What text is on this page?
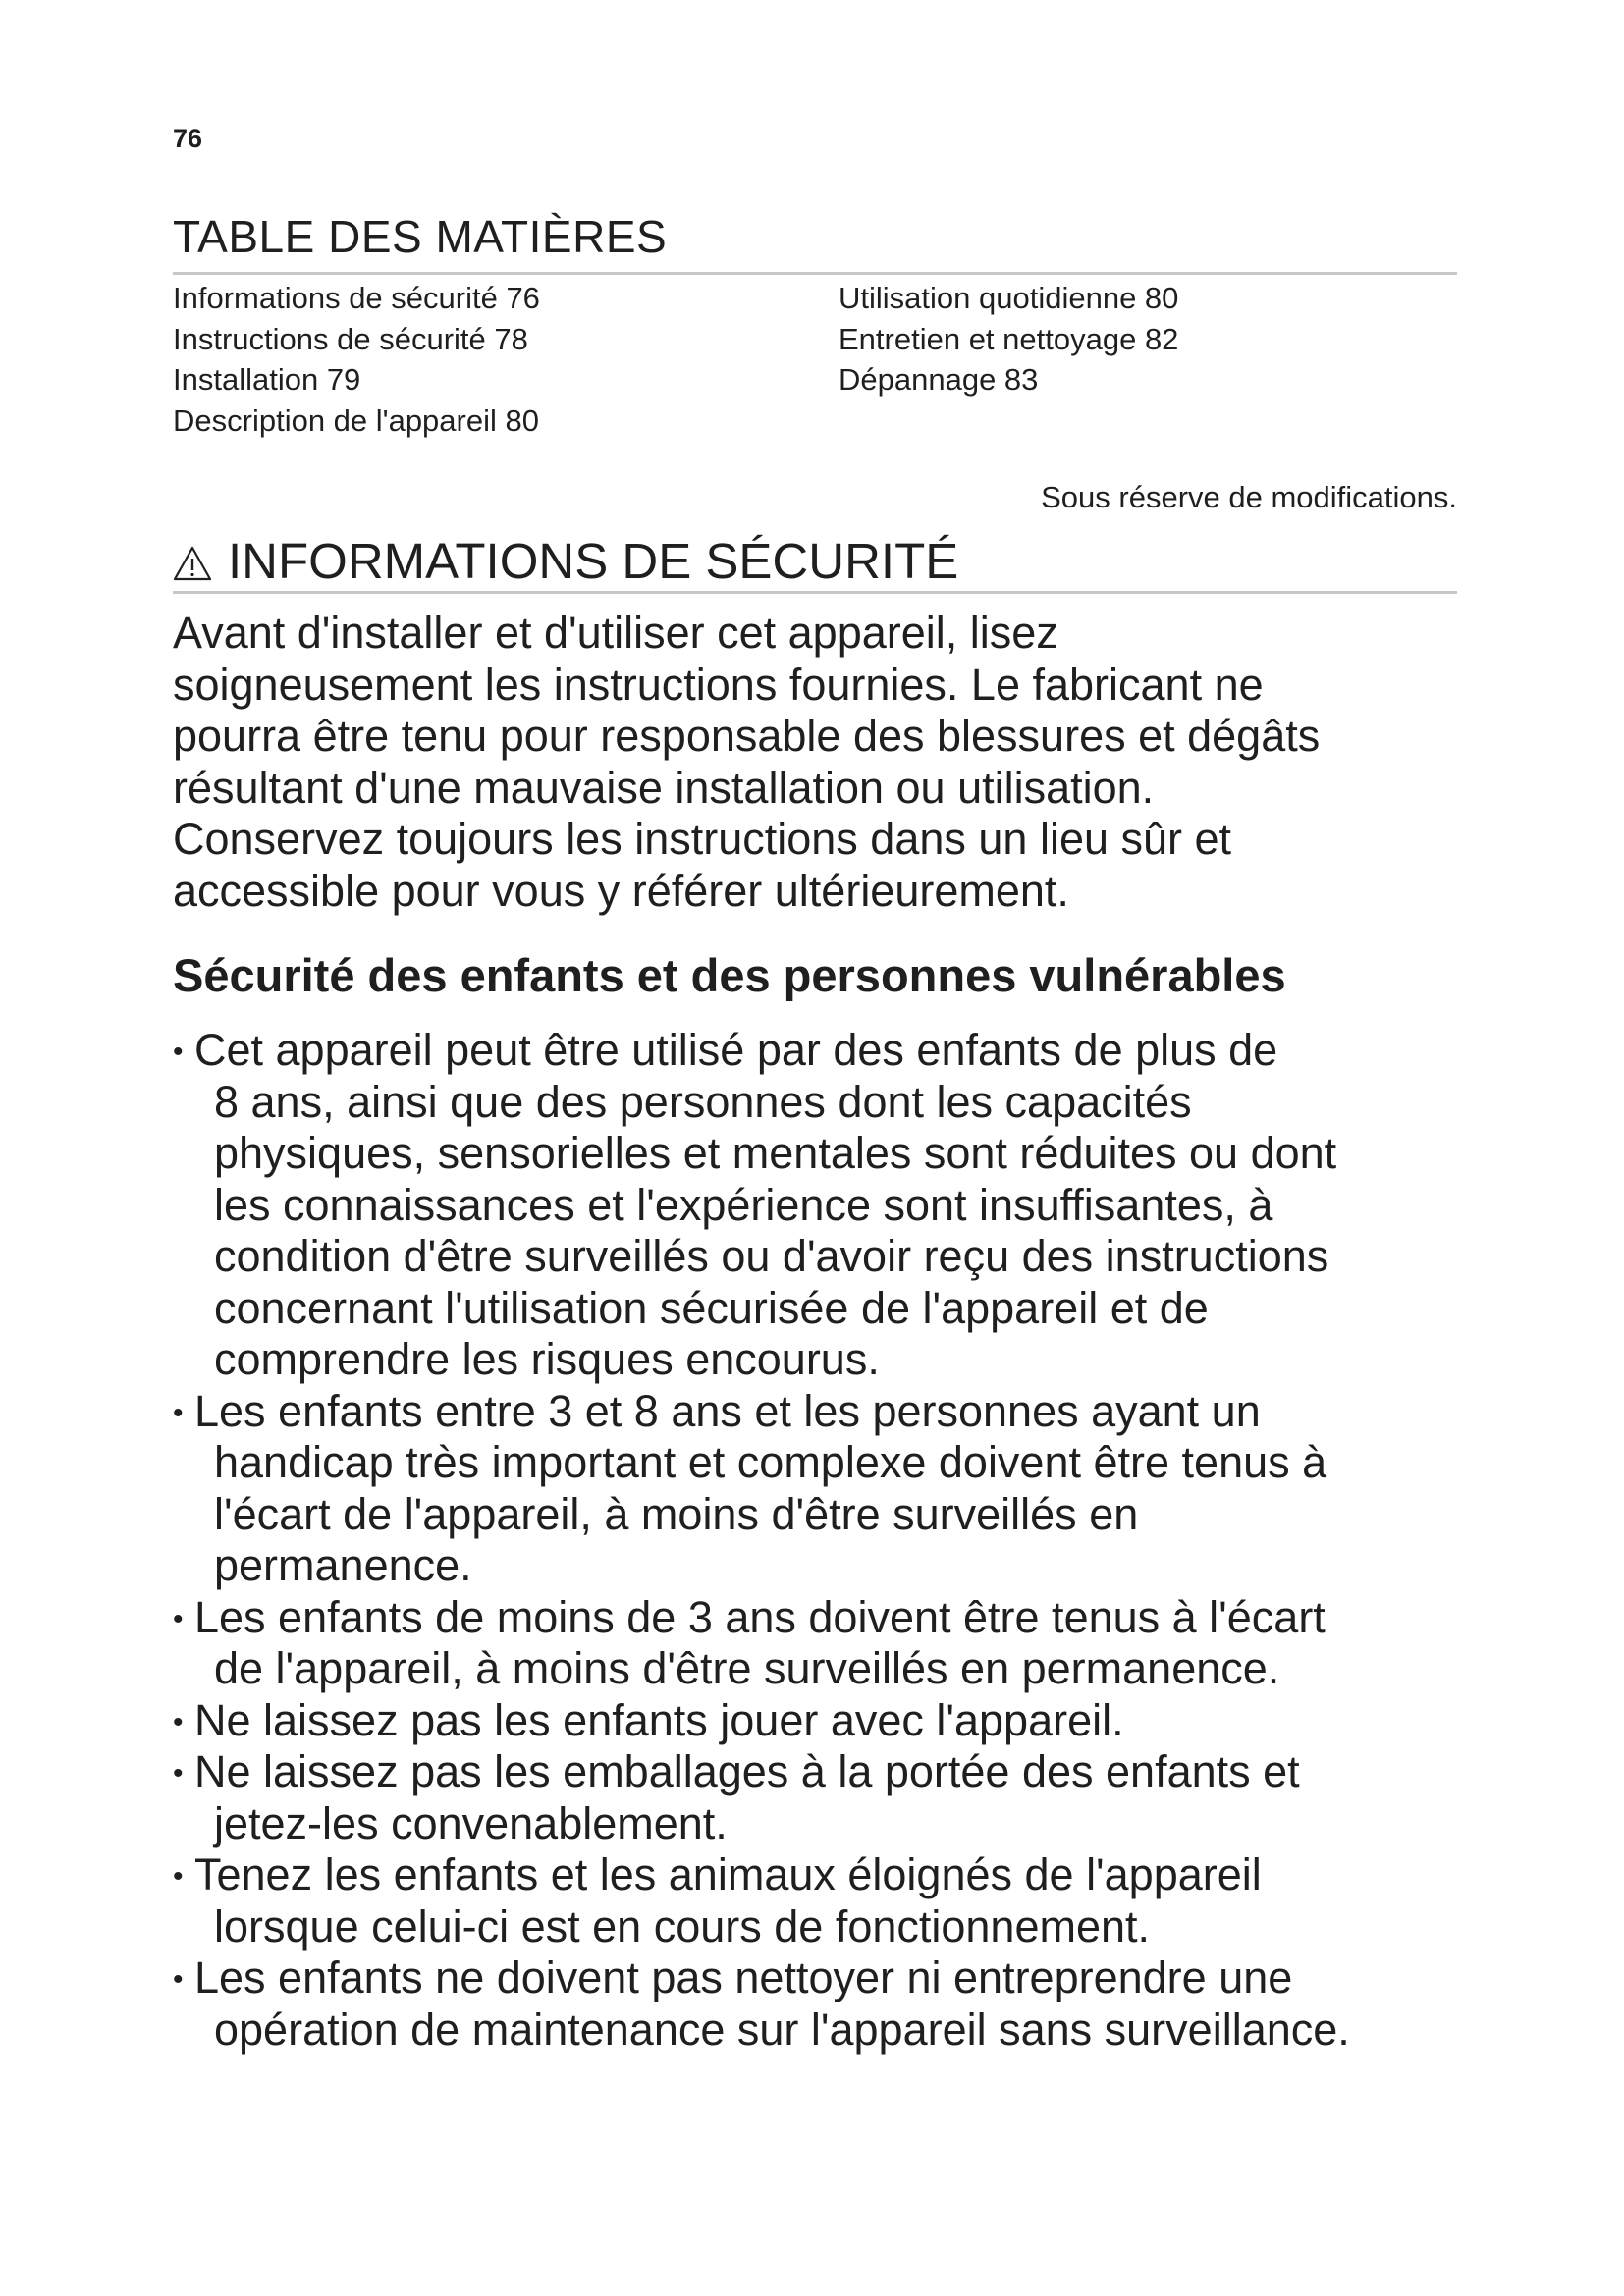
76
TABLE DES MATIÈRES
Informations de sécurité 76
Instructions de sécurité 78
Installation 79
Description de l'appareil 80
Utilisation quotidienne 80
Entretien et nettoyage 82
Dépannage 83
Sous réserve de modifications.
INFORMATIONS DE SÉCURITÉ
Avant d'installer et d'utiliser cet appareil, lisez
soigneusement les instructions fournies. Le fabricant ne
pourra être tenu pour responsable des blessures et dégâts
résultant d'une mauvaise installation ou utilisation.
Conservez toujours les instructions dans un lieu sûr et
accessible pour vous y référer ultérieurement.
Sécurité des enfants et des personnes vulnérables
• Cet appareil peut être utilisé par des enfants de plus de
8 ans, ainsi que des personnes dont les capacités
physiques, sensorielles et mentales sont réduites ou dont
les connaissances et l'expérience sont insuffisantes, à
condition d'être surveillés ou d'avoir reçu des instructions
concernant l'utilisation sécurisée de l'appareil et de
comprendre les risques encourus.
• Les enfants entre 3 et 8 ans et les personnes ayant un
handicap très important et complexe doivent être tenus à
l'écart de l'appareil, à moins d'être surveillés en
permanence.
• Les enfants de moins de 3 ans doivent être tenus à l'écart
de l'appareil, à moins d'être surveillés en permanence.
• Ne laissez pas les enfants jouer avec l'appareil.
• Ne laissez pas les emballages à la portée des enfants et
jetez-les convenablement.
• Tenez les enfants et les animaux éloignés de l'appareil
lorsque celui-ci est en cours de fonctionnement.
• Les enfants ne doivent pas nettoyer ni entreprendre une
opération de maintenance sur l'appareil sans surveillance.
